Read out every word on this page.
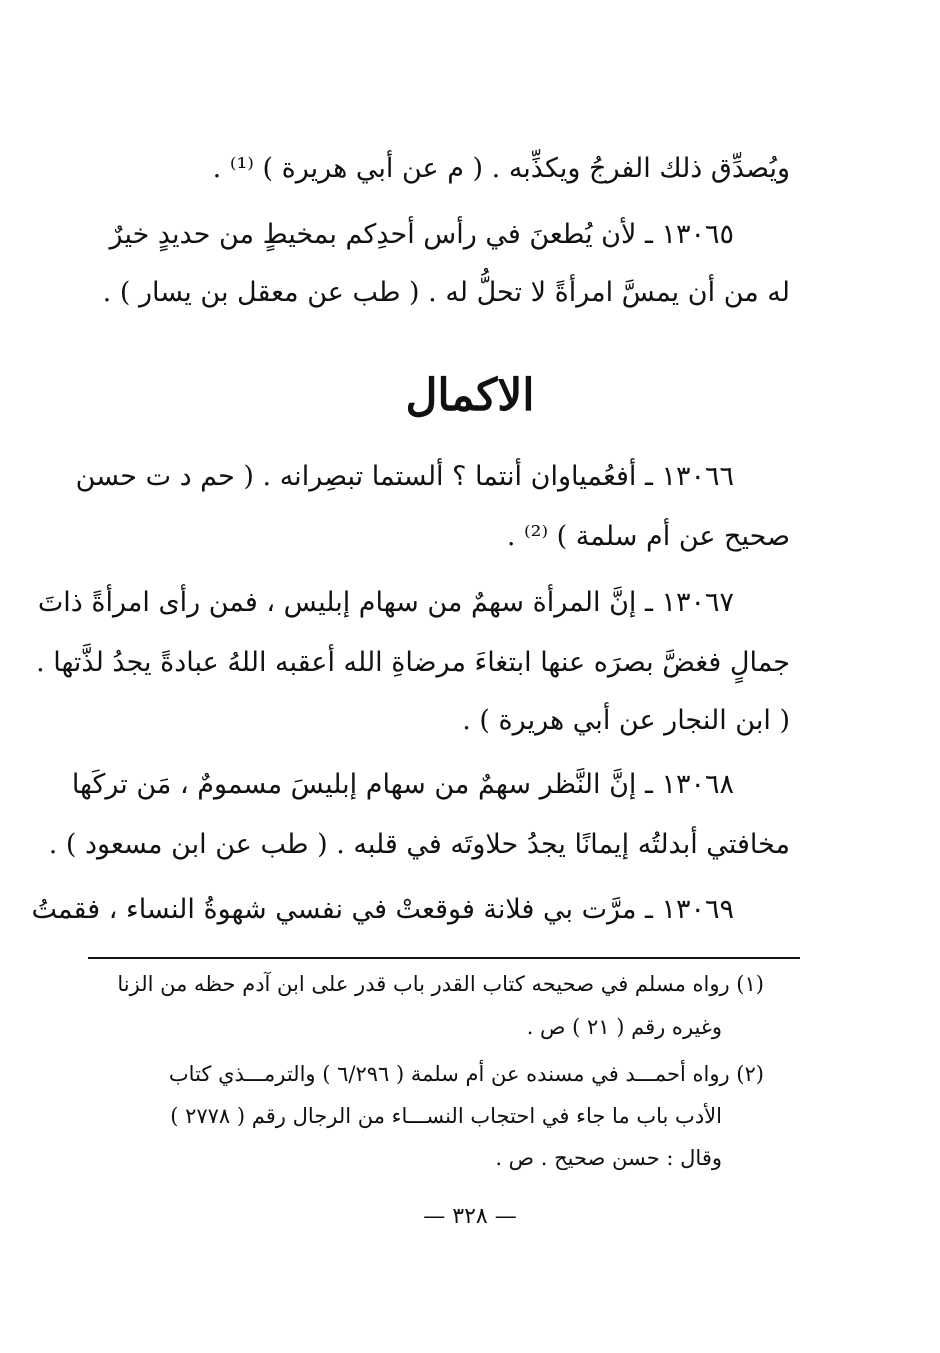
ويُصدِّق ذلك الفرجُ ويكذِّبه . ( م عن أبي هريرة ) ⁽¹⁾ .
١٣٠٦٥ ـ لأن يُطعنَ في رأس أحدِكم بمخيطٍ من حديدٍ خيرٌ
له من أن يمسَّ امرأةً لا تحلُّ له . ( طب عن معقل بن يسار ) .
الاكمال
١٣٠٦٦ ـ أفعُمياوان أنتما ؟ ألستما تبصِرانه . ( حم د ت حسن
صحيح عن أم سلمة ) ⁽²⁾ .
١٣٠٦٧ ـ إنَّ المرأة سهمٌ من سهام إبليس ، فمن رأى امرأةً ذاتَ
جمالٍ فغضَّ بصرَه عنها ابتغاءَ مرضاةِ الله أعقبه اللهُ عبادةً يجدُ لذَّتها .
( ابن النجار عن أبي هريرة ) .
١٣٠٦٨ ـ إنَّ النَّظر سهمٌ من سهام إبليسَ مسمومٌ ، مَن تركَها
مخافتي أبدلتُه إيمانًا يجدُ حلاوتَه في قلبه . ( طب عن ابن مسعود ) .
١٣٠٦٩ ـ مرَّت بي فلانة فوقعتْ في نفسي شهوةُ النساء ، فقمتُ
(١) رواه مسلم في صحيحه كتاب القدر باب قدر على ابن آدم حظه من الزنا
وغيره رقم ( ٢١ ) ص .
(٢) رواه أحمـــد في مسنده عن أم سلمة ( ٦/٢٩٦ ) والترمـــذي كتاب
الأدب باب ما جاء في احتجاب النســـاء من الرجال رقم ( ٢٧٧٨ )
وقال : حسن صحيح . ص .
— ٣٢٨ —
